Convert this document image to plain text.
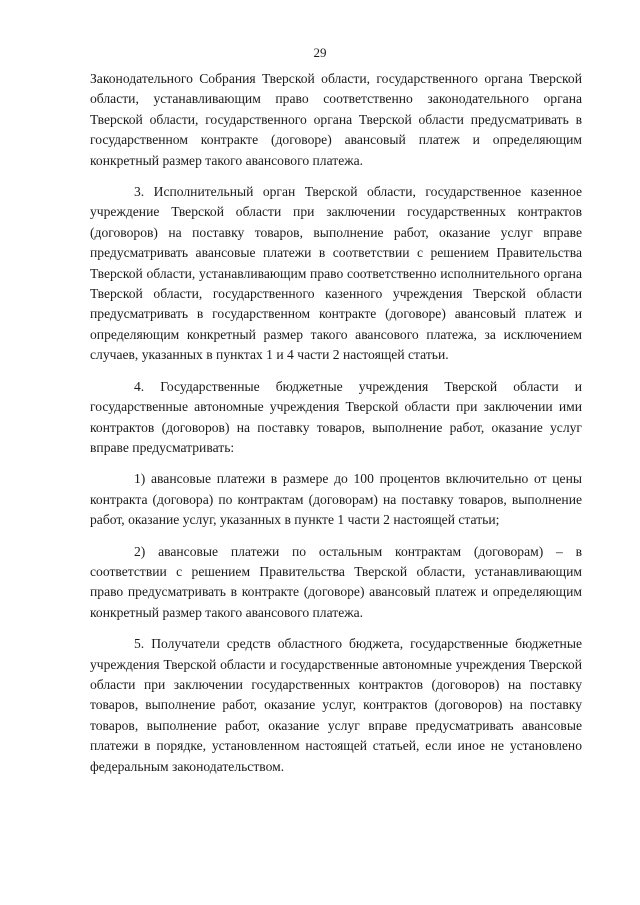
29

Законодательного Собрания Тверской области, государственного органа Тверской области, устанавливающим право соответственно законодательного органа Тверской области, государственного органа Тверской области предусматривать в государственном контракте (договоре) авансовый платеж и определяющим конкретный размер такого авансового платежа.

3. Исполнительный орган Тверской области, государственное казенное учреждение Тверской области при заключении государственных контрактов (договоров) на поставку товаров, выполнение работ, оказание услуг вправе предусматривать авансовые платежи в соответствии с решением Правительства Тверской области, устанавливающим право соответственно исполнительного органа Тверской области, государственного казенного учреждения Тверской области предусматривать в государственном контракте (договоре) авансовый платеж и определяющим конкретный размер такого авансового платежа, за исключением случаев, указанных в пунктах 1 и 4 части 2 настоящей статьи.

4. Государственные бюджетные учреждения Тверской области и государственные автономные учреждения Тверской области при заключении ими контрактов (договоров) на поставку товаров, выполнение работ, оказание услуг вправе предусматривать:

1) авансовые платежи в размере до 100 процентов включительно от цены контракта (договора) по контрактам (договорам) на поставку товаров, выполнение работ, оказание услуг, указанных в пункте 1 части 2 настоящей статьи;

2) авансовые платежи по остальным контрактам (договорам) – в соответствии с решением Правительства Тверской области, устанавливающим право предусматривать в контракте (договоре) авансовый платеж и определяющим конкретный размер такого авансового платежа.

5. Получатели средств областного бюджета, государственные бюджетные учреждения Тверской области и государственные автономные учреждения Тверской области при заключении государственных контрактов (договоров) на поставку товаров, выполнение работ, оказание услуг, контрактов (договоров) на поставку товаров, выполнение работ, оказание услуг вправе предусматривать авансовые платежи в порядке, установленном настоящей статьей, если иное не установлено федеральным законодательством.
